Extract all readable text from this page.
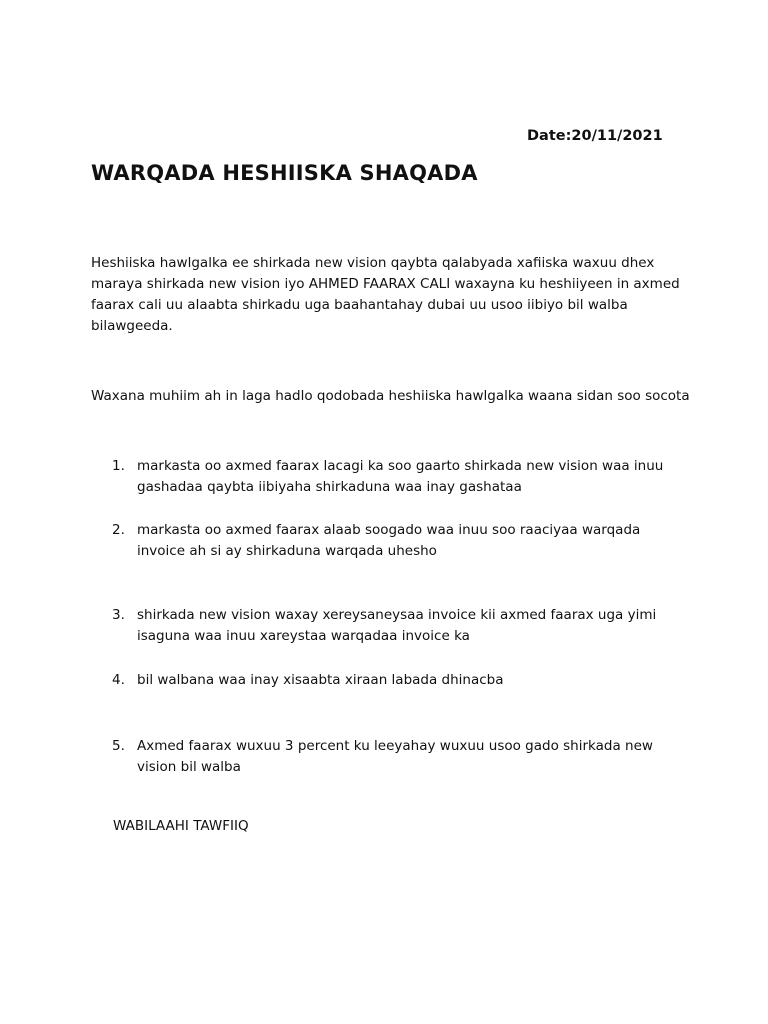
Date:20/11/2021
WARQADA HESHIISKA SHAQADA

Heshiiska hawlgalka ee shirkada new vision qaybta qalabyada xafiiska waxuu dhex maraya shirkada new vision iyo AHMED FAARAX CALI waxayna ku heshiiyeen in axmed faarax cali uu alaabta shirkadu uga baahantahay dubai uu usoo iibiyo bil walba bilawgeeda.

Waxana muhiim ah in laga hadlo qodobada heshiiska hawlgalka waana sidan soo socota

1. markasta oo axmed faarax lacagi ka soo gaarto shirkada new vision waa inuu gashadaa qaybta iibiyaha shirkaduna waa inay gashataa
2. markasta oo axmed faarax alaab soogado waa inuu soo raaciyaa warqada invoice ah si ay shirkaduna warqada uhesho
3. shirkada new vision waxay xereysaneysaa invoice kii axmed faarax uga yimi isaguna waa inuu xareystaa warqadaa invoice ka
4. bil walbana waa inay xisaabta xiraan labada dhinacba
5. Axmed faarax wuxuu 3 percent ku leeyahay wuxuu usoo gado shirkada new vision bil walba
WABILAAHI TAWFIIQ
